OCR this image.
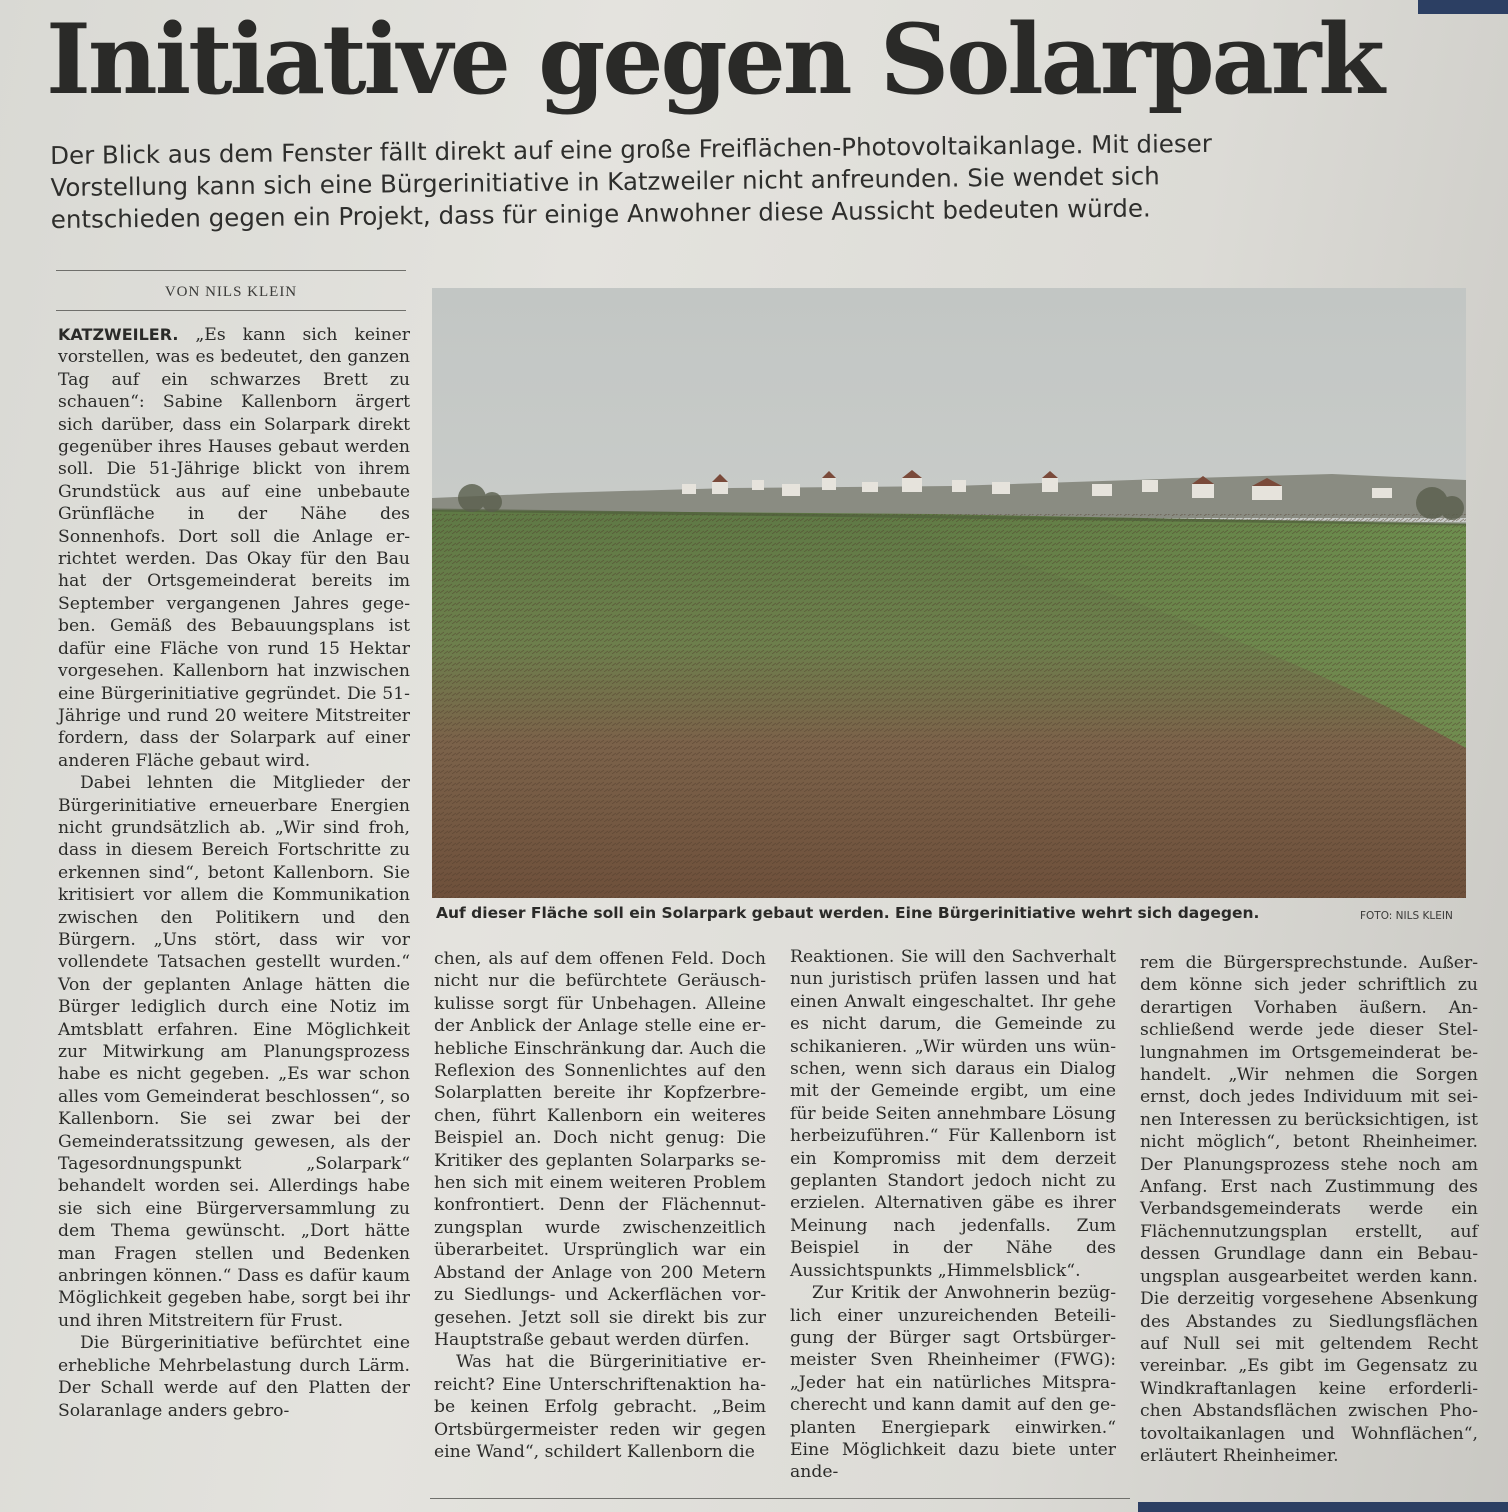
Initiative gegen Solarpark
Der Blick aus dem Fenster fällt direkt auf eine große Freiflächen-Photovoltaikanlage. Mit dieser Vorstellung kann sich eine Bürgerinitiative in Katzweiler nicht anfreunden. Sie wendet sich entschieden gegen ein Projekt, dass für einige Anwohner diese Aussicht bedeuten würde.
VON NILS KLEIN

KATZWEILER. „Es kann sich keiner vorstellen, was es bedeutet, den ganzen Tag auf ein schwarzes Brett zu schauen“: Sabine Kallenborn ärgert sich darüber, dass ein Solarpark direkt gegenüber ihres Hauses gebaut werden soll. Die 51-Jährige blickt von ihrem Grundstück aus auf eine unbebaute Grünfläche in der Nähe des Sonnenhofs. Dort soll die Anlage errichtet werden. Das Okay für den Bau hat der Ortsgemeinderat bereits im September vergangenen Jahres gegeben. Gemäß des Bebauungsplans ist dafür eine Fläche von rund 15 Hektar vorgesehen. Kallenborn hat inzwischen eine Bürgerinitiative gegründet. Die 51-Jährige und rund 20 weitere Mitstreiter fordern, dass der Solarpark auf einer anderen Fläche gebaut wird.

Dabei lehnten die Mitglieder der Bürgerinitiative erneuerbare Energien nicht grundsätzlich ab. „Wir sind froh, dass in diesem Bereich Fortschritte zu erkennen sind“, betont Kallenborn. Sie kritisiert vor allem die Kommunikation zwischen den Politikern und den Bürgern. „Uns stört, dass wir vor vollendete Tatsachen gestellt wurden.“ Von der geplanten Anlage hätten die Bürger lediglich durch eine Notiz im Amtsblatt erfahren. Eine Möglichkeit zur Mitwirkung am Planungsprozess habe es nicht gegeben. „Es war schon alles vom Gemeinderat beschlossen“, so Kallenborn. Sie sei zwar bei der Gemeinderatssitzung gewesen, als der Tagesordnungspunkt „Solarpark“ behandelt worden sei. Allerdings habe sie sich eine Bürgerversammlung zu dem Thema gewünscht. „Dort hätte man Fragen stellen und Bedenken anbringen können.“ Dass es dafür kaum Möglichkeit gegeben habe, sorgt bei ihr und ihren Mitstreitern für Frust.

Die Bürgerinitiative befürchtet eine erhebliche Mehrbelastung durch Lärm. Der Schall werde auf den Platten der Solaranlage anders gebro-

Auf dieser Fläche soll ein Solarpark gebaut werden. Eine Bürgerinitiative wehrt sich dagegen.	FOTO: NILS KLEIN

chen, als auf dem offenen Feld. Doch nicht nur die befürchtete Geräuschkulisse sorgt für Unbehagen. Alleine der Anblick der Anlage stelle eine erhebliche Einschränkung dar. Auch die Reflexion des Sonnenlichtes auf den Solarplatten bereite ihr Kopfzerbrechen, führt Kallenborn ein weiteres Beispiel an. Doch nicht genug: Die Kritiker des geplanten Solarparks sehen sich mit einem weiteren Problem konfrontiert. Denn der Flächennutzungsplan wurde zwischenzeitlich überarbeitet. Ursprünglich war ein Abstand der Anlage von 200 Metern zu Siedlungs- und Ackerflächen vorgesehen. Jetzt soll sie direkt bis zur Hauptstraße gebaut werden dürfen.

Was hat die Bürgerinitiative erreicht? Eine Unterschriftenaktion habe keinen Erfolg gebracht. „Beim Ortsbürgermeister reden wir gegen eine Wand“, schildert Kallenborn die

Reaktionen. Sie will den Sachverhalt nun juristisch prüfen lassen und hat einen Anwalt eingeschaltet. Ihr gehe es nicht darum, die Gemeinde zu schikanieren. „Wir würden uns wünschen, wenn sich daraus ein Dialog mit der Gemeinde ergibt, um eine für beide Seiten annehmbare Lösung herbeizuführen.“ Für Kallenborn ist ein Kompromiss mit dem derzeit geplanten Standort jedoch nicht zu erzielen. Alternativen gäbe es ihrer Meinung nach jedenfalls. Zum Beispiel in der Nähe des Aussichtspunkts „Himmelsblick“.

Zur Kritik der Anwohnerin bezüglich einer unzureichenden Beteiligung der Bürger sagt Ortsbürgermeister Sven Rheinheimer (FWG): „Jeder hat ein natürliches Mitspracherecht und kann damit auf den geplanten Energiepark einwirken.“ Eine Möglichkeit dazu biete unter ande-

rem die Bürgersprechstunde. Außerdem könne sich jeder schriftlich zu derartigen Vorhaben äußern. Anschließend werde jede dieser Stellungnahmen im Ortsgemeinderat behandelt. „Wir nehmen die Sorgen ernst, doch jedes Individuum mit seinen Interessen zu berücksichtigen, ist nicht möglich“, betont Rheinheimer. Der Planungsprozess stehe noch am Anfang. Erst nach Zustimmung des Verbandsgemeinderats werde ein Flächennutzungsplan erstellt, auf dessen Grundlage dann ein Bebauungsplan ausgearbeitet werden kann. Die derzeitig vorgesehene Absenkung des Abstandes zu Siedlungsflächen auf Null sei mit geltendem Recht vereinbar. „Es gibt im Gegensatz zu Windkraftanlagen keine erforderlichen Abstandsflächen zwischen Photovoltaikanlagen und Wohnflächen“, erläutert Rheinheimer.
